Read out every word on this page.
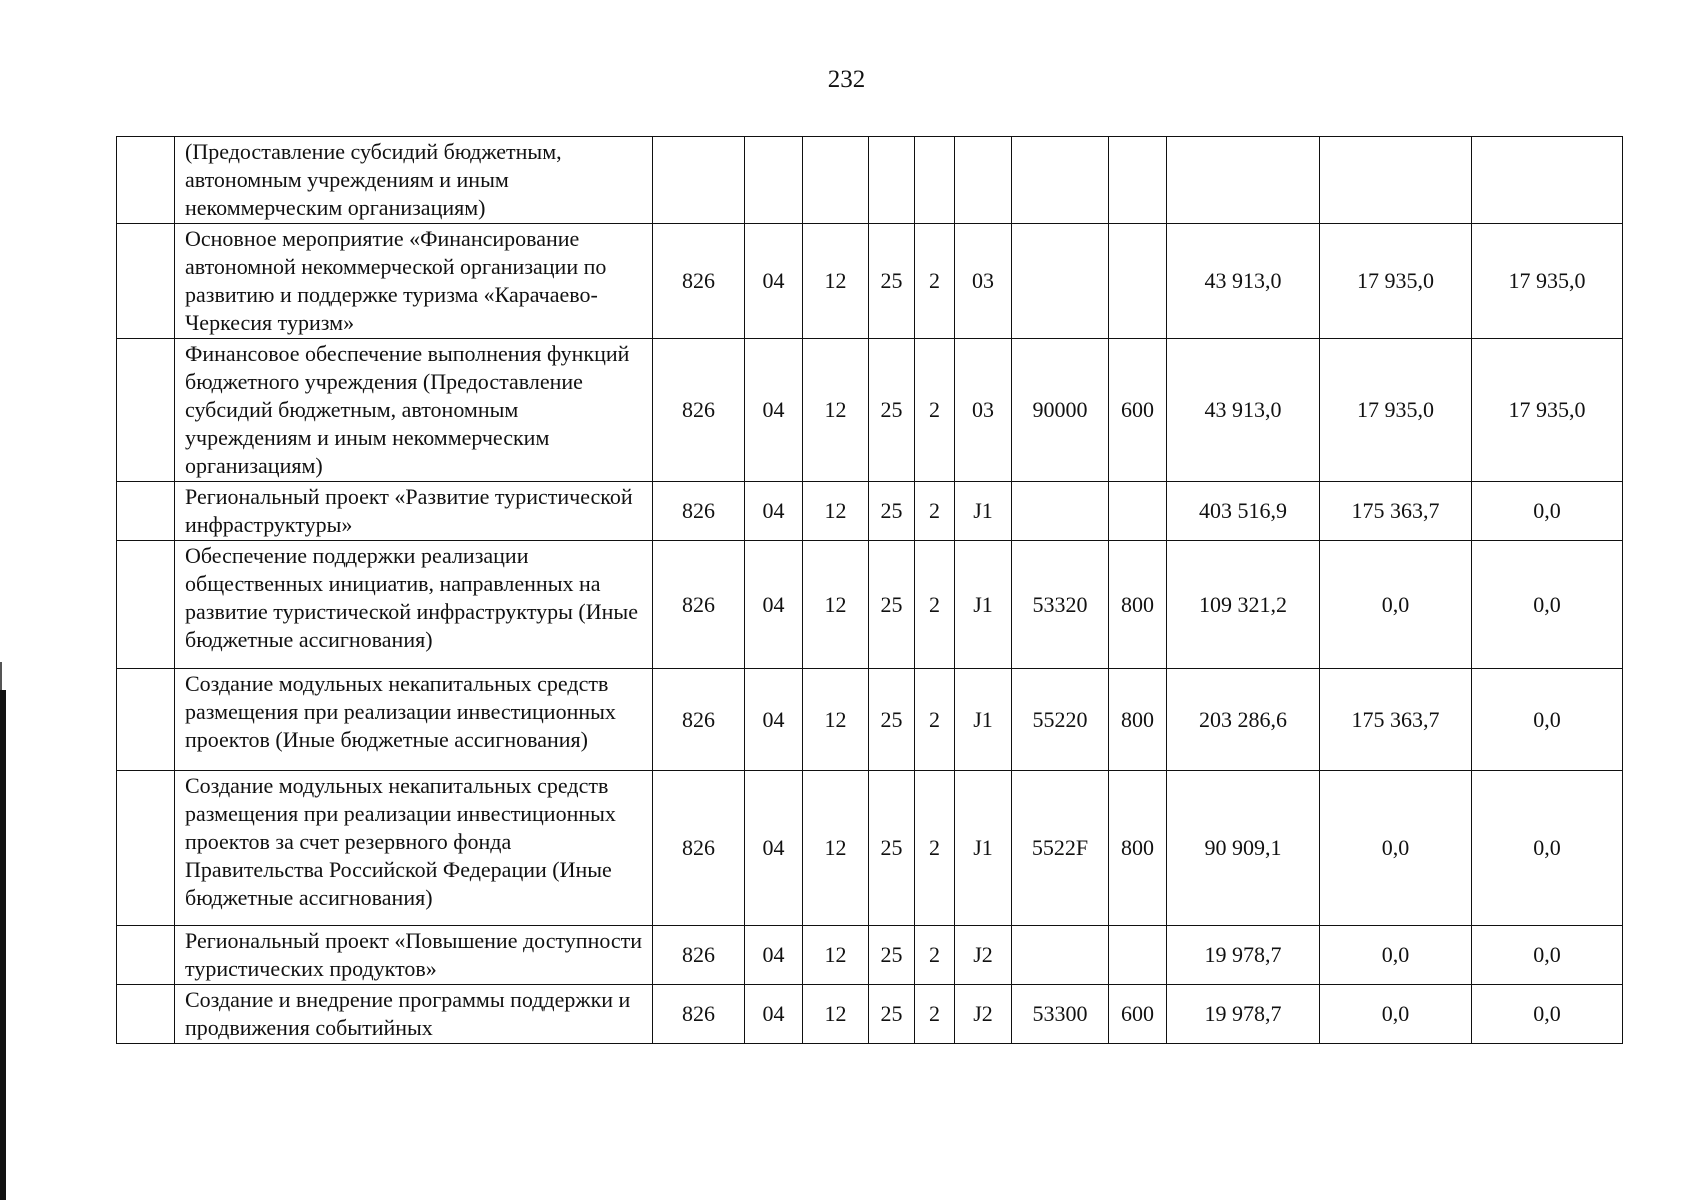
232
	(Предоставление субсидий бюджетным, автономным учреждениям и иным некоммерческим организациям)											
	Основное мероприятие «Финансирование автономной некоммерческой организации по развитию и поддержке туризма «Карачаево-Черкесия туризм»	826	04	12	25	2	03			43 913,0	17 935,0	17 935,0
	Финансовое обеспечение выполнения функций бюджетного учреждения (Предоставление субсидий бюджетным, автономным учреждениям и иным некоммерческим организациям)	826	04	12	25	2	03	90000	600	43 913,0	17 935,0	17 935,0
	Региональный проект «Развитие туристической инфраструктуры»	826	04	12	25	2	J1			403 516,9	175 363,7	0,0
	Обеспечение поддержки реализации общественных инициатив, направленных на развитие туристической инфраструктуры (Иные бюджетные ассигнования)	826	04	12	25	2	J1	53320	800	109 321,2	0,0	0,0
	Создание модульных некапитальных средств размещения при реализации инвестиционных проектов (Иные бюджетные ассигнования)	826	04	12	25	2	J1	55220	800	203 286,6	175 363,7	0,0
	Создание модульных некапитальных средств размещения при реализации инвестиционных проектов за счет резервного фонда Правительства Российской Федерации (Иные бюджетные ассигнования)	826	04	12	25	2	J1	5522F	800	90 909,1	0,0	0,0
	Региональный проект «Повышение доступности туристических продуктов»	826	04	12	25	2	J2			19 978,7	0,0	0,0
	Создание и внедрение программы поддержки и продвижения событийных	826	04	12	25	2	J2	53300	600	19 978,7	0,0	0,0
